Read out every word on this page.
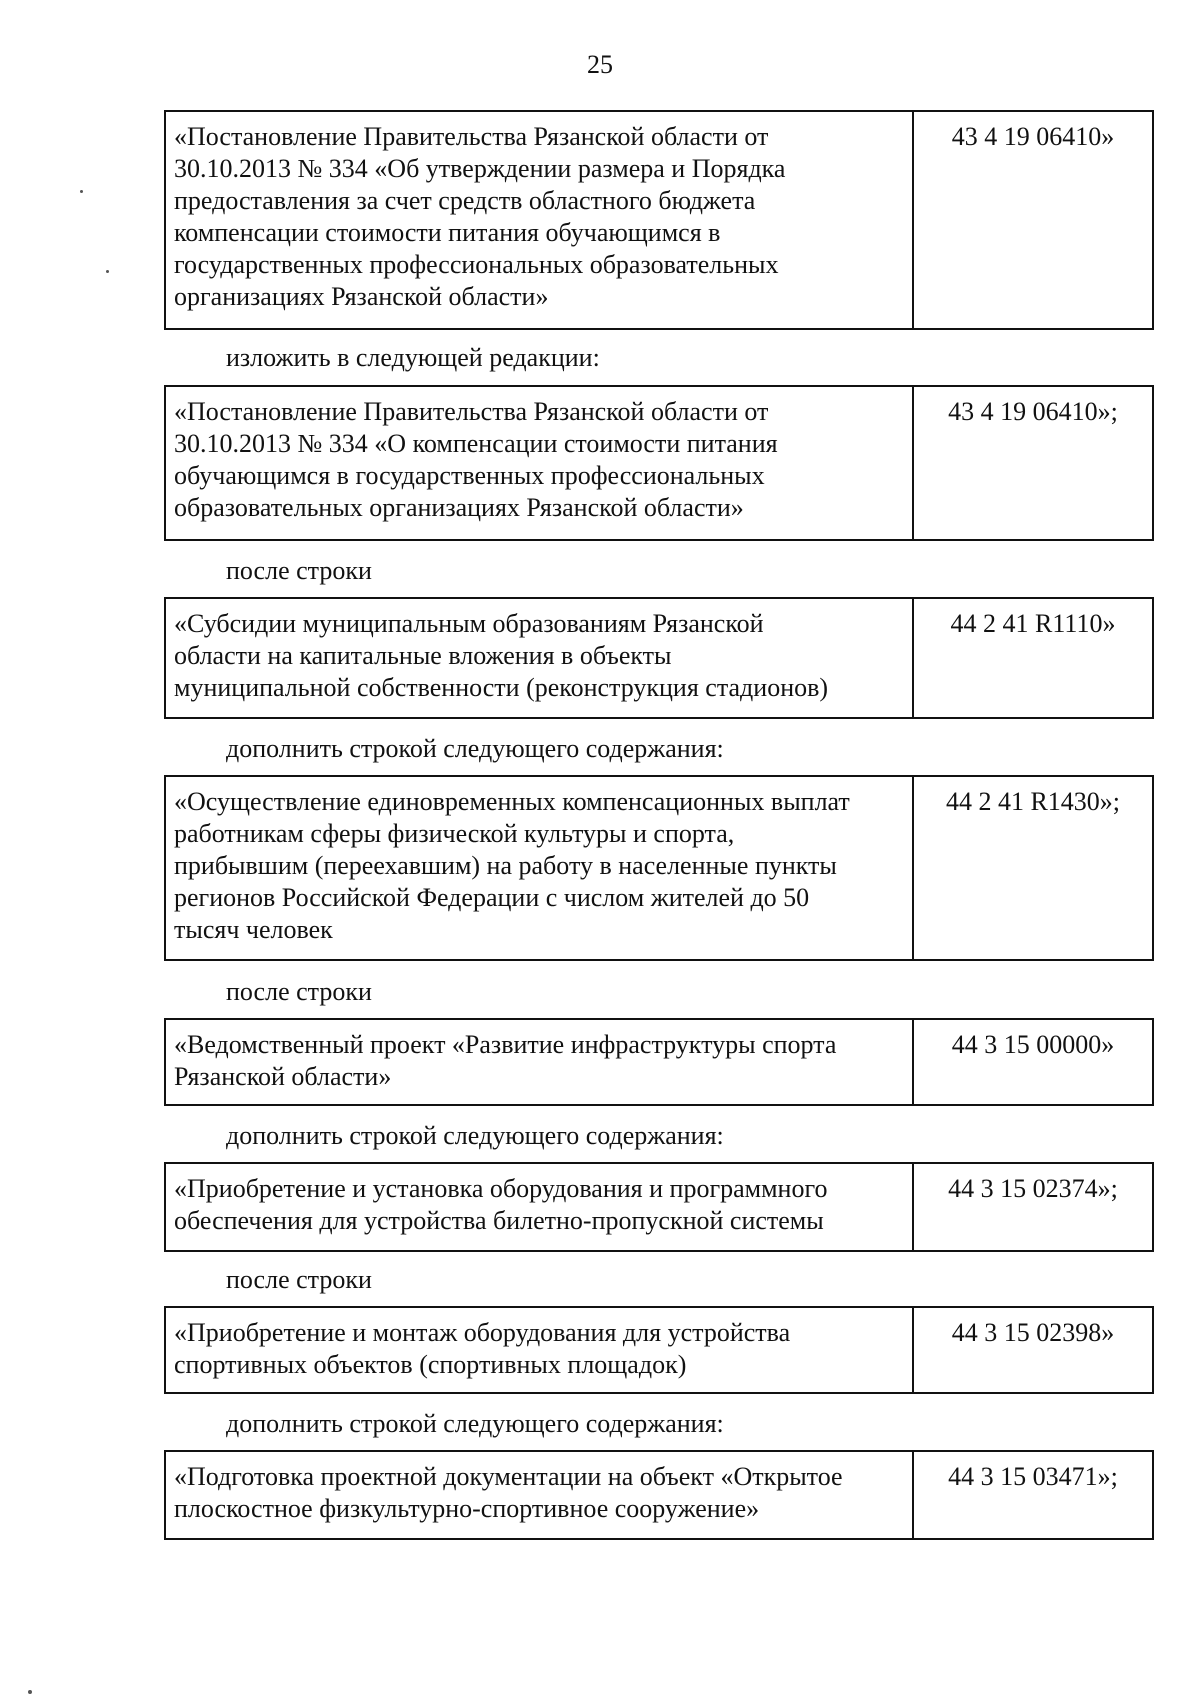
25
«Постановление Правительства Рязанской области от
30.10.2013 № 334 «Об утверждении размера и Порядка
предоставления за счет средств областного бюджета
компенсации стоимости питания обучающимся в
государственных профессиональных образовательных
организациях Рязанской области»
43 4 19 06410»
изложить в следующей редакции:
«Постановление Правительства Рязанской области от
30.10.2013 № 334 «О компенсации стоимости питания
обучающимся в государственных профессиональных
образовательных организациях Рязанской области»
43 4 19 06410»;
после строки
«Субсидии муниципальным образованиям Рязанской
области на капитальные вложения в объекты
муниципальной собственности (реконструкция стадионов)
44 2 41 R1110»
дополнить строкой следующего содержания:
«Осуществление единовременных компенсационных выплат
работникам сферы физической культуры и спорта,
прибывшим (переехавшим) на работу в населенные пункты
регионов Российской Федерации с числом жителей до 50
тысяч человек
44 2 41 R1430»;
после строки
«Ведомственный проект «Развитие инфраструктуры спорта
Рязанской области»
44 3 15 00000»
дополнить строкой следующего содержания:
«Приобретение и установка оборудования и программного
обеспечения для устройства билетно-пропускной системы
44 3 15 02374»;
после строки
«Приобретение и монтаж оборудования для устройства
спортивных объектов (спортивных площадок)
44 3 15 02398»
дополнить строкой следующего содержания:
«Подготовка проектной документации на объект «Открытое
плоскостное физкультурно-спортивное сооружение»
44 3 15 03471»;
